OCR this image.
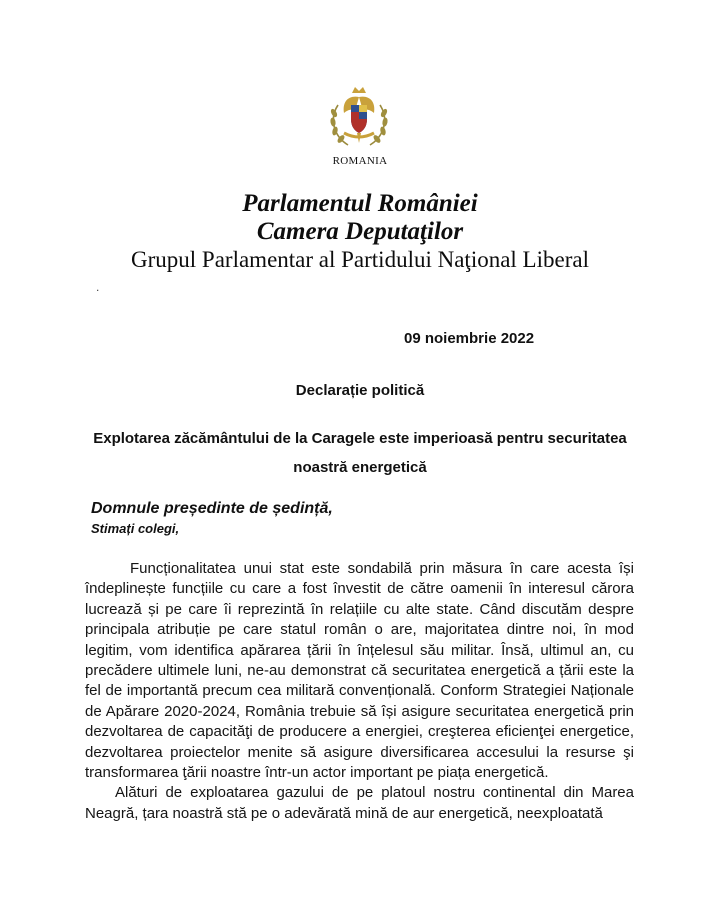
ROMANIA
Parlamentul României
Camera Deputaţilor
Grupul Parlamentar al Partidului Naţional Liberal
.
09 noiembrie 2022
Declarație politică
Explotarea zăcământului de la Caragele este imperioasă pentru securitatea noastră energetică
Domnule președinte de ședință,
Stimați colegi,

Funcționalitatea unui stat este sondabilă prin măsura în care acesta își îndeplinește funcțiile cu care a fost învestit de către oamenii în interesul cărora lucrează și pe care îi reprezintă în relațiile cu alte state. Când discutăm despre principala atribuție pe care statul român o are, majoritatea dintre noi, în mod legitim, vom identifica apărarea țării în înțelesul său militar. Însă, ultimul an, cu precădere ultimele luni, ne-au demonstrat că securitatea energetică a țării este la fel de importantă precum cea militară convențională. Conform Strategiei Naționale de Apărare 2020-2024, România trebuie să își asigure securitatea energetică prin dezvoltarea de capacităţi de producere a energiei, creşterea eficienţei energetice, dezvoltarea proiectelor menite să asigure diversificarea accesului la resurse şi transformarea ţării noastre într-un actor important pe piața energetică.

Alături de exploatarea gazului de pe platoul nostru continental din Marea Neagră, țara noastră stă pe o adevărată mină de aur energetică, neexploatată
